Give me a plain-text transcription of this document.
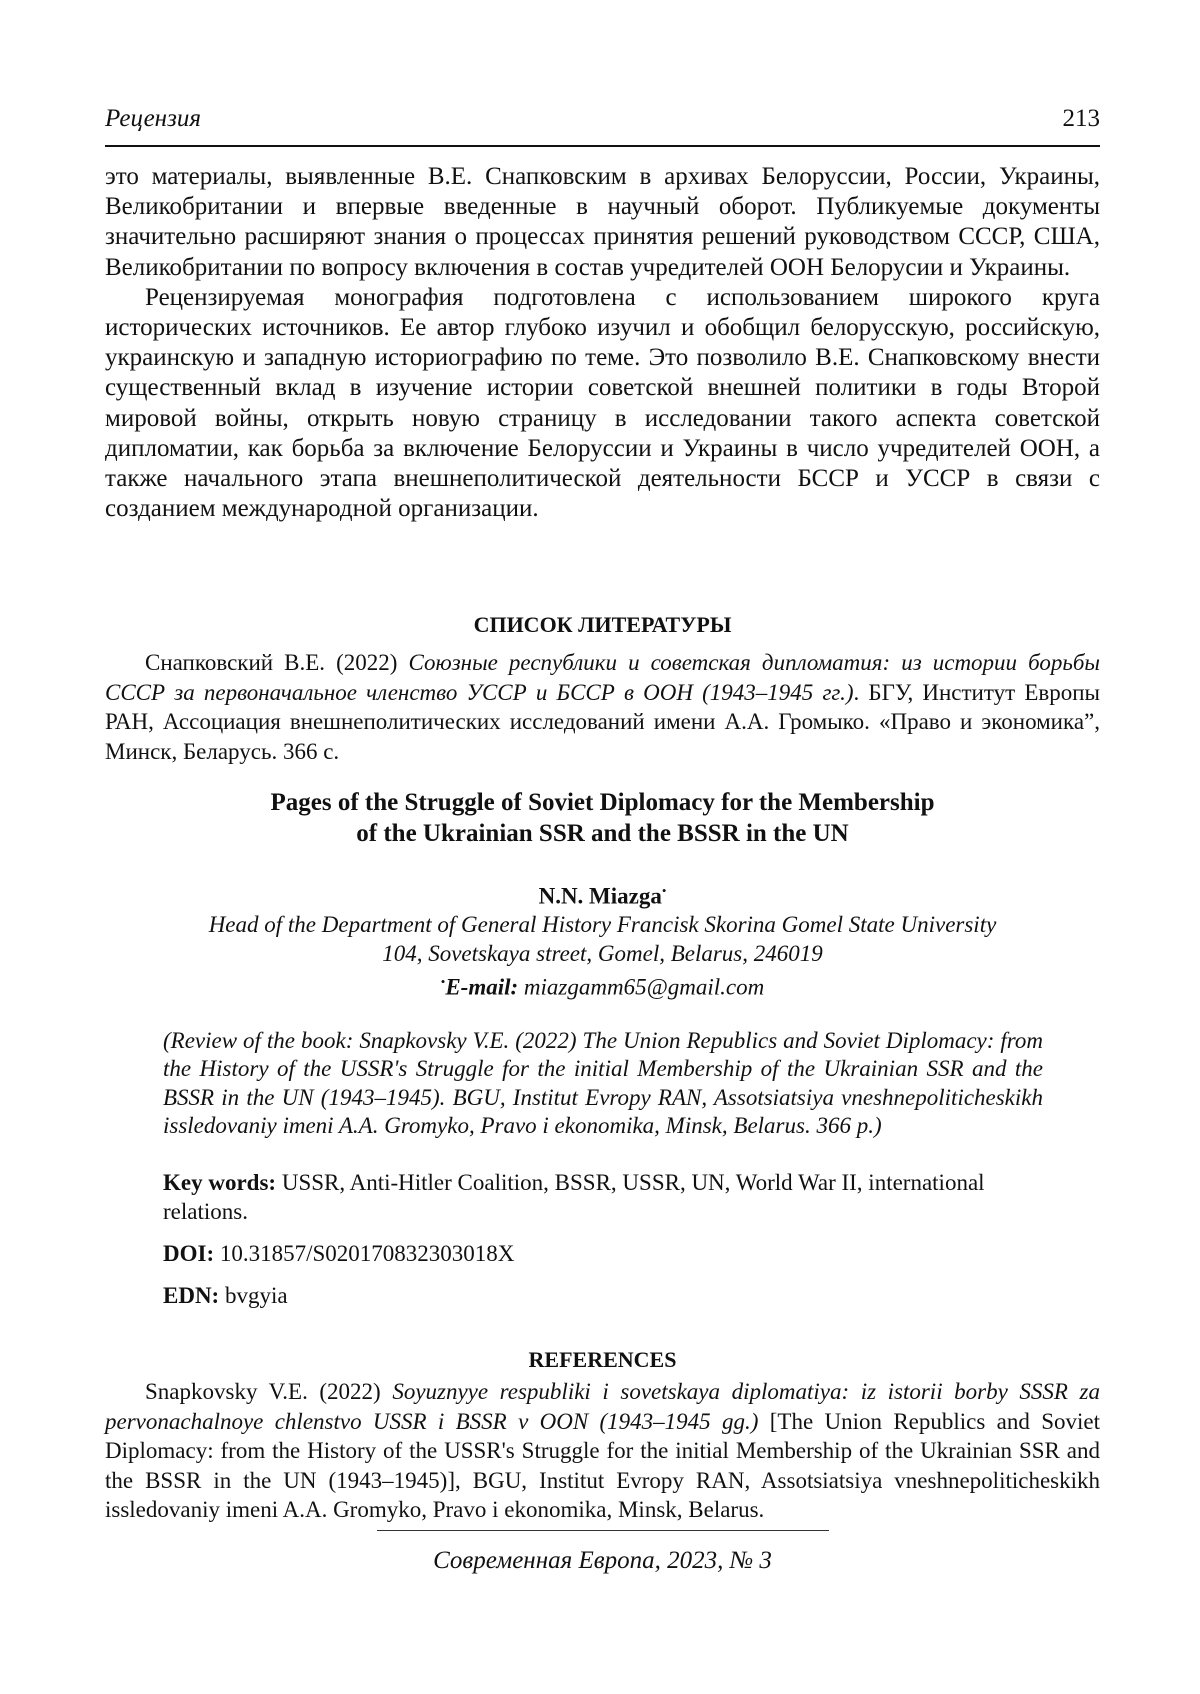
Рецензия	213

это материалы, выявленные В.Е. Снапковским в архивах Белоруссии, России, Украины, Великобритании и впервые введенные в научный оборот. Публикуемые документы значительно расширяют знания о процессах принятия решений руководством СССР, США, Великобритании по вопросу включения в состав учредителей ООН Белорусии и Украины.

Рецензируемая монография подготовлена с использованием широкого круга исторических источников. Ее автор глубоко изучил и обобщил белорусскую, российскую, украинскую и западную историографию по теме. Это позволило В.Е. Снапковскому внести существенный вклад в изучение истории советской внешней политики в годы Второй мировой войны, открыть новую страницу в исследовании такого аспекта советской дипломатии, как борьба за включение Белоруссии и Украины в число учредителей ООН, а также начального этапа внешнеполитической деятельности БССР и УССР в связи с созданием международной организации.

СПИСОК ЛИТЕРАТУРЫ

Снапковский В.Е. (2022) Союзные республики и советская дипломатия: из истории борьбы СССР за первоначальное членство УССР и БССР в ООН (1943–1945 гг.). БГУ, Институт Европы РАН, Ассоциация внешнеполитических исследований имени А.А. Громыко. «Право и экономика”, Минск, Беларусь. 366 с.

Pages of the Struggle of Soviet Diplomacy for the Membership
of the Ukrainian SSR and the BSSR in the UN
N.N. Miazga•
Head of the Department of General History Francisk Skorina Gomel State University
104, Sovetskaya street, Gomel, Belarus, 246019
•E-mail: miazgamm65@gmail.com
(Review of the book: Snapkovsky V.E. (2022) The Union Republics and Soviet Diplomacy: from the History of the USSR's Struggle for the initial Membership of the Ukrainian SSR and the BSSR in the UN (1943–1945). BGU, Institut Evropy RAN, Assotsiatsiya vneshnepoliticheskikh issledovaniy imeni A.A. Gromyko, Pravo i ekonomika, Minsk, Belarus. 366 p.)
Key words: USSR, Anti-Hitler Coalition, BSSR, USSR, UN, World War II, international relations.
DOI: 10.31857/S020170832303018X
EDN: bvgyia
REFERENCES

Snapkovsky V.E. (2022) Soyuznyye respubliki i sovetskaya diplomatiya: iz istorii borby SSSR za pervonachalnoye chlenstvo USSR i BSSR v OON (1943–1945 gg.) [The Union Republics and Soviet Diplomacy: from the History of the USSR's Struggle for the initial Membership of the Ukrainian SSR and the BSSR in the UN (1943–1945)], BGU, Institut Evropy RAN, Assotsiatsiya vneshnepoliticheskikh issledovaniy imeni A.A. Gromyko, Pravo i ekonomika, Minsk, Belarus.

Современная Европа, 2023, № 3
